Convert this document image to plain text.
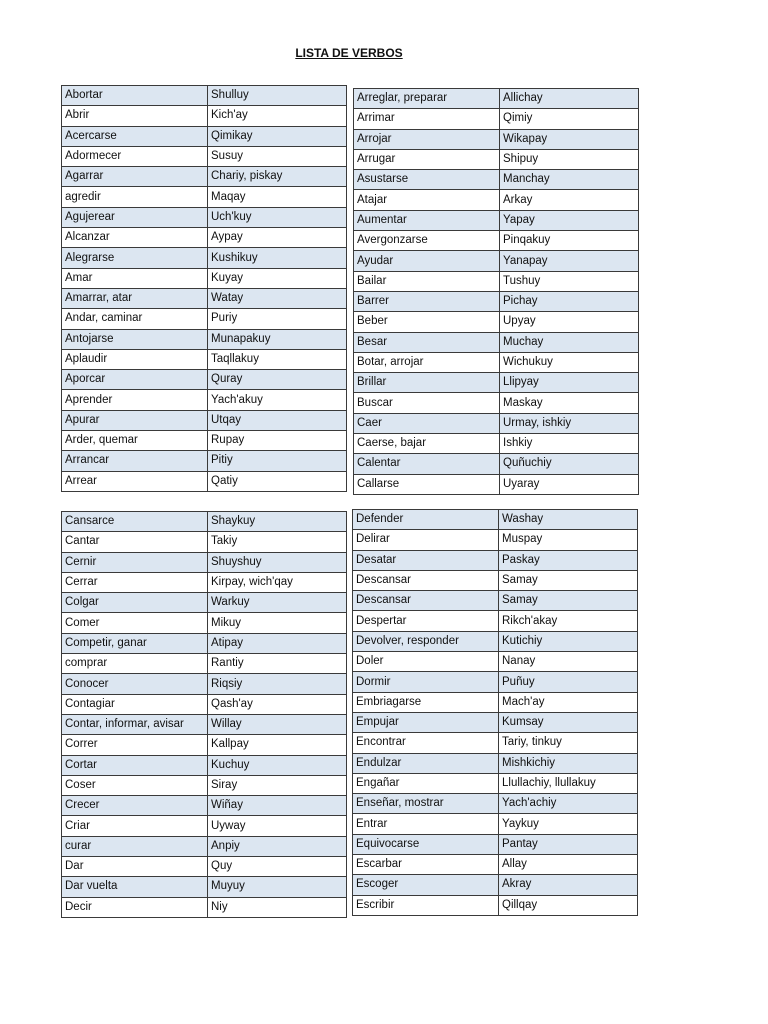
LISTA DE VERBOS
Abortar	Shulluy
Abrir	Kich'ay
Acercarse	Qimikay
Adormecer	Susuy
Agarrar	Chariy, piskay
agredir	Maqay
Agujerear	Uch'kuy
Alcanzar	Aypay
Alegrarse	Kushikuy
Amar	Kuyay
Amarrar, atar	Watay
Andar, caminar	Puriy
Antojarse	Munapakuy
Aplaudir	Taqllakuy
Aporcar	Quray
Aprender	Yach'akuy
Apurar	Utqay
Arder, quemar	Rupay
Arrancar	Pitiy
Arrear	Qatiy
Arreglar, preparar	Allichay
Arrimar	Qimiy
Arrojar	Wikapay
Arrugar	Shipuy
Asustarse	Manchay
Atajar	Arkay
Aumentar	Yapay
Avergonzarse	Pinqakuy
Ayudar	Yanapay
Bailar	Tushuy
Barrer	Pichay
Beber	Upyay
Besar	Muchay
Botar, arrojar	Wichukuy
Brillar	Llipyay
Buscar	Maskay
Caer	Urmay, ishkiy
Caerse, bajar	Ishkiy
Calentar	Quñuchiy
Callarse	Uyaray
Cansarce	Shaykuy
Cantar	Takiy
Cernir	Shuyshuy
Cerrar	Kirpay, wich'qay
Colgar	Warkuy
Comer	Mikuy
Competir, ganar	Atipay
comprar	Rantiy
Conocer	Riqsiy
Contagiar	Qash'ay
Contar, informar, avisar	Willay
Correr	Kallpay
Cortar	Kuchuy
Coser	Siray
Crecer	Wiñay
Criar	Uyway
curar	Anpiy
Dar	Quy
Dar vuelta	Muyuy
Decir	Niy
Defender	Washay
Delirar	Muspay
Desatar	Paskay
Descansar	Samay
Descansar	Samay
Despertar	Rikch'akay
Devolver, responder	Kutichiy
Doler	Nanay
Dormir	Puñuy
Embriagarse	Mach'ay
Empujar	Kumsay
Encontrar	Tariy, tinkuy
Endulzar	Mishkichiy
Engañar	Llullachiy, llullakuy
Enseñar, mostrar	Yach'achiy
Entrar	Yaykuy
Equivocarse	Pantay
Escarbar	Allay
Escoger	Akray
Escribir	Qillqay
